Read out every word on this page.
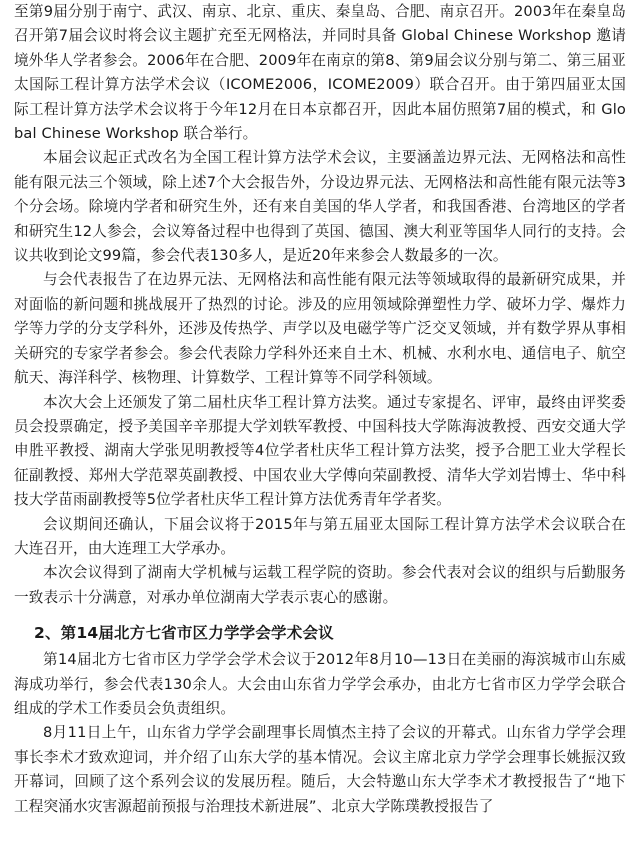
至第9届分别于南宁、武汉、南京、北京、重庆、秦皇岛、合肥、南京召开。2003年在秦皇岛召开第7届会议时将会议主题扩充至无网格法，并同时具备 Global Chinese Workshop 邀请境外华人学者参会。2006年在合肥、2009年在南京的第8、第9届会议分别与第二、第三届亚太国际工程计算方法学术会议（ICOME2006，ICOME2009）联合召开。由于第四届亚太国际工程计算方法学术会议将于今年12月在日本京都召开，因此本届仿照第7届的模式，和 Global Chinese Workshop 联合举行。

本届会议起正式改名为全国工程计算方法学术会议，主要涵盖边界元法、无网格法和高性能有限元法三个领域，除上述7个大会报告外，分设边界元法、无网格法和高性能有限元法等3个分会场。除境内学者和研究生外，还有来自美国的华人学者，和我国香港、台湾地区的学者和研究生12人参会，会议筹备过程中也得到了英国、德国、澳大利亚等国华人同行的支持。会议共收到论文99篇，参会代表130多人，是近20年来参会人数最多的一次。

与会代表报告了在边界元法、无网格法和高性能有限元法等领域取得的最新研究成果，并对面临的新问题和挑战展开了热烈的讨论。涉及的应用领域除弹塑性力学、破坏力学、爆炸力学等力学的分支学科外，还涉及传热学、声学以及电磁学等广泛交叉领域，并有数学界从事相关研究的专家学者参会。参会代表除力学科外还来自土木、机械、水利水电、通信电子、航空航天、海洋科学、核物理、计算数学、工程计算等不同学科领域。

本次大会上还颁发了第二届杜庆华工程计算方法奖。通过专家提名、评审，最终由评奖委员会投票确定，授予美国辛辛那提大学刘轶军教授、中国科技大学陈海波教授、西安交通大学申胜平教授、湖南大学张见明教授等4位学者杜庆华工程计算方法奖，授予合肥工业大学程长征副教授、郑州大学范翠英副教授、中国农业大学傅向荣副教授、清华大学刘岩博士、华中科技大学苗雨副教授等5位学者杜庆华工程计算方法优秀青年学者奖。

会议期间还确认，下届会议将于2015年与第五届亚太国际工程计算方法学术会议联合在大连召开，由大连理工大学承办。

本次会议得到了湖南大学机械与运载工程学院的资助。参会代表对会议的组织与后勤服务一致表示十分满意，对承办单位湖南大学表示衷心的感谢。

2、第14届北方七省市区力学学会学术会议

第14届北方七省市区力学学会学术会议于2012年8月10—13日在美丽的海滨城市山东威海成功举行，参会代表130余人。大会由山东省力学学会承办，由北方七省市区力学学会联合组成的学术工作委员会负责组织。

8月11日上午，山东省力学学会副理事长周慎杰主持了会议的开幕式。山东省力学学会理事长李术才致欢迎词，并介绍了山东大学的基本情况。会议主席北京力学学会理事长姚振汉致开幕词，回顾了这个系列会议的发展历程。随后，大会特邀山东大学李术才教授报告了“地下工程突涌水灾害源超前预报与治理技术新进展”、北京大学陈璞教授报告了
